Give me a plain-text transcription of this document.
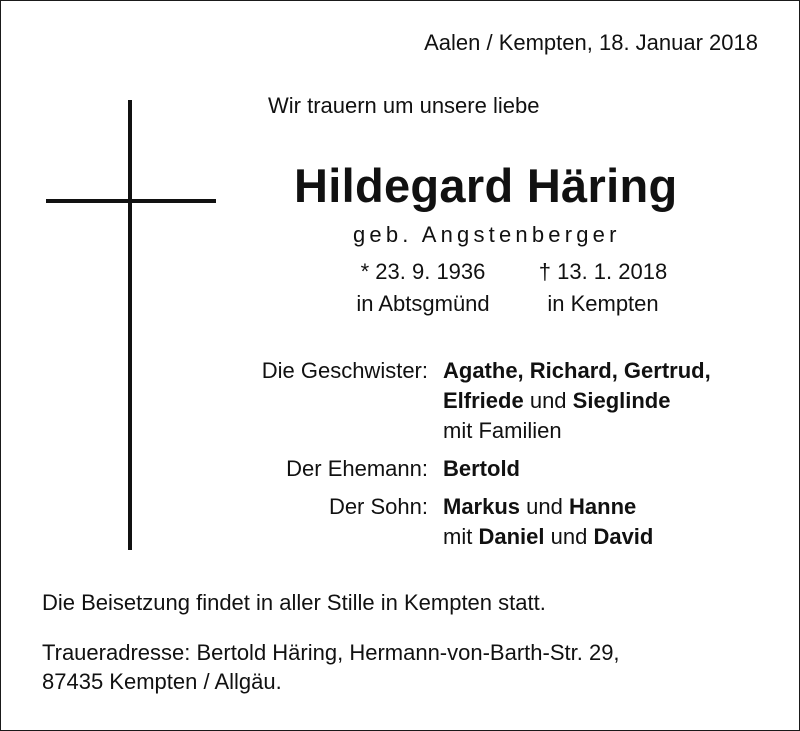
Aalen / Kempten, 18. Januar 2018
Wir trauern um unsere liebe
Hildegard Häring
geb. Angstenberger
* 23. 9. 1936
in Abtsgmünd
† 13. 1. 2018
in Kempten
Die Geschwister: Agathe, Richard, Gertrud,
Elfriede und Sieglinde
mit Familien
Der Ehemann: Bertold
Der Sohn: Markus und Hanne
mit Daniel und David
Die Beisetzung findet in aller Stille in Kempten statt.
Traueradresse: Bertold Häring, Hermann-von-Barth-Str. 29,
87435 Kempten / Allgäu.
